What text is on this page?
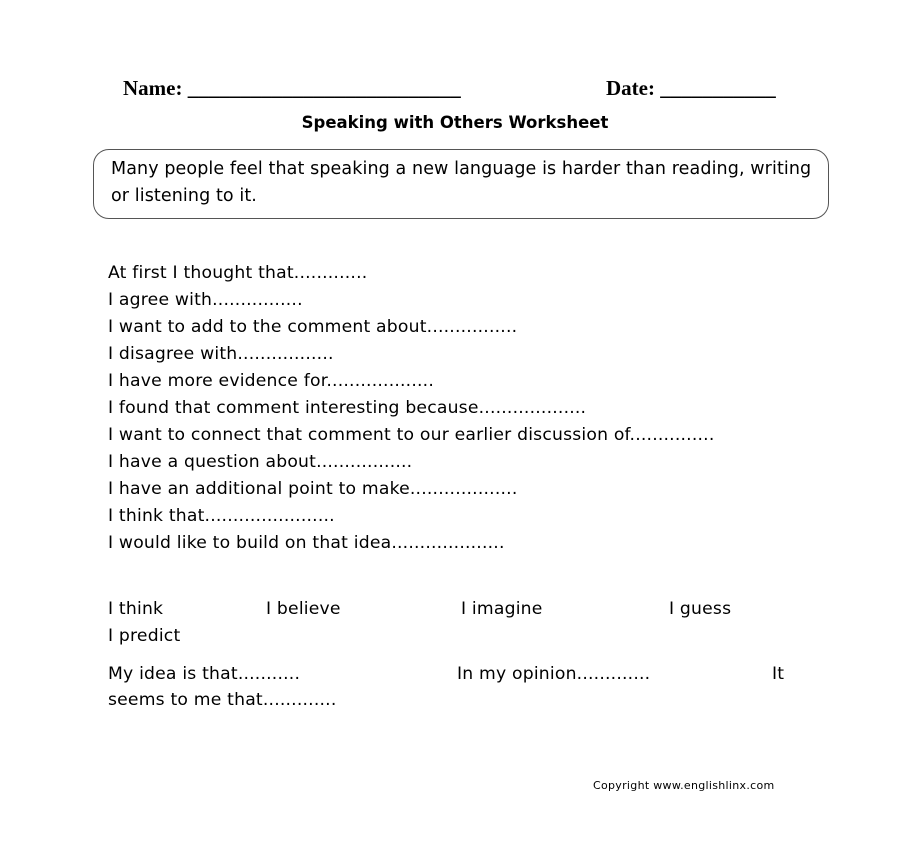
Name: __________________________	Date: ___________
Speaking with Others Worksheet
Many people feel that speaking a new language is harder than reading, writing or listening to it.
At first I thought that.............
I agree with................
I want to add to the comment about................
I disagree with.................
I have more evidence for...................
I found that comment interesting because...................
I want to connect that comment to our earlier discussion of...............
I have a question about.................
I have an additional point to make...................
I think that.......................
I would like to build on that idea....................
I think	I believe	I imagine	I guess
I predict
My idea is that...........	In my opinion.............	It
seems to me that.............
Copyright www.englishlinx.com
